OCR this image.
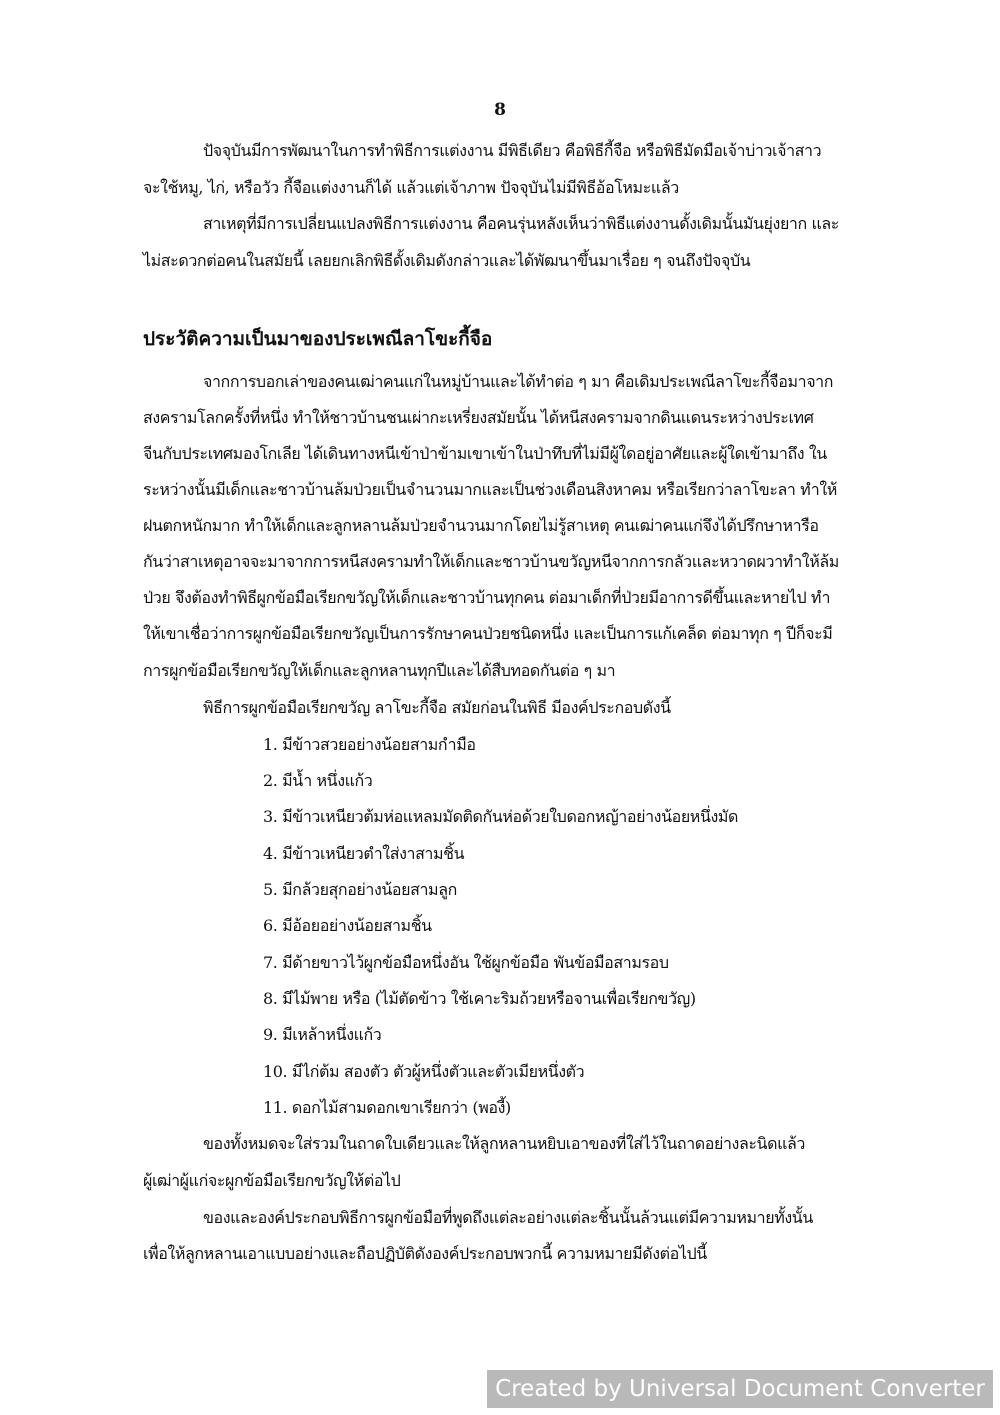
8
ปัจจุบันมีการพัฒนาในการทำพิธีการแต่งงาน มีพิธีเดียว คือพิธีกี้จือ หรือพิธีมัดมือเจ้าบ่าวเจ้าสาว
จะใช้หมู, ไก่, หรือวัว กี้จือแต่งงานก็ได้ แล้วแต่เจ้าภาพ ปัจจุบันไม่มีพิธีอ้อโหมะแล้ว
สาเหตุที่มีการเปลี่ยนแปลงพิธีการแต่งงาน คือคนรุ่นหลังเห็นว่าพิธีแต่งงานดั้งเดิมนั้นมันยุ่งยาก และ
ไม่สะดวกต่อคนในสมัยนี้ เลยยกเลิกพิธีดั้งเดิมดังกล่าวและได้พัฒนาขึ้นมาเรื่อย ๆ จนถึงปัจจุบัน
ประวัติความเป็นมาของประเพณีลาโขะกี้จือ
จากการบอกเล่าของคนเฒ่าคนแก่ในหมู่บ้านและได้ทำต่อ ๆ มา คือเดิมประเพณีลาโขะกี้จือมาจาก
สงครามโลกครั้งที่หนึ่ง ทำให้ชาวบ้านชนเผ่ากะเหรี่ยงสมัยนั้น ได้หนีสงครามจากดินแดนระหว่างประเทศ
จีนกับประเทศมองโกเลีย ได้เดินทางหนีเข้าป่าข้ามเขาเข้าในป่าทึบที่ไม่มีผู้ใดอยู่อาศัยและผู้ใดเข้ามาถึง ใน
ระหว่างนั้นมีเด็กและชาวบ้านล้มป่วยเป็นจำนวนมากและเป็นช่วงเดือนสิงหาคม หรือเรียกว่าลาโขะลา ทำให้
ฝนตกหนักมาก ทำให้เด็กและลูกหลานล้มป่วยจำนวนมากโดยไม่รู้สาเหตุ คนเฒ่าคนแก่จึงได้ปรึกษาหารือ
กันว่าสาเหตุอาจจะมาจากการหนีสงครามทำให้เด็กและชาวบ้านขวัญหนีจากการกลัวและหวาดผวาทำให้ล้ม
ป่วย จึงต้องทำพิธีผูกข้อมือเรียกขวัญให้เด็กและชาวบ้านทุกคน ต่อมาเด็กที่ป่วยมีอาการดีขึ้นและหายไป ทำ
ให้เขาเชื่อว่าการผูกข้อมือเรียกขวัญเป็นการรักษาคนป่วยชนิดหนึ่ง และเป็นการแก้เคล็ด ต่อมาทุก ๆ ปีก็จะมี
การผูกข้อมือเรียกขวัญให้เด็กและลูกหลานทุกปีและได้สืบทอดกันต่อ ๆ มา
พิธีการผูกข้อมือเรียกขวัญ ลาโขะกี้จือ สมัยก่อนในพิธี มีองค์ประกอบดังนี้
1. มีข้าวสวยอย่างน้อยสามกำมือ
2. มีน้ำ หนึ่งแก้ว
3. มีข้าวเหนียวต้มห่อแหลมมัดติดกันห่อด้วยใบดอกหญ้าอย่างน้อยหนึ่งมัด
4. มีข้าวเหนียวตำใส่งาสามชิ้น
5. มีกล้วยสุกอย่างน้อยสามลูก
6. มีอ้อยอย่างน้อยสามชิ้น
7. มีด้ายขาวไว้ผูกข้อมือหนึ่งอัน ใช้ผูกข้อมือ พันข้อมือสามรอบ
8. มีไม้พาย หรือ (ไม้ตัดข้าว ใช้เคาะริมถ้วยหรือจานเพื่อเรียกขวัญ)
9. มีเหล้าหนึ่งแก้ว
10. มีไก่ต้ม สองตัว ตัวผู้หนึ่งตัวและตัวเมียหนึ่งตัว
11. ดอกไม้สามดอกเขาเรียกว่า (พองี้)
ของทั้งหมดจะใส่รวมในถาดใบเดียวและให้ลูกหลานหยิบเอาของที่ใส่ไว้ในถาดอย่างละนิดแล้ว
ผู้เฒ่าผู้แก่จะผูกข้อมือเรียกขวัญให้ต่อไป
ของและองค์ประกอบพิธีการผูกข้อมือที่พูดถึงแต่ละอย่างแต่ละชิ้นนั้นล้วนแต่มีความหมายทั้งนั้น
เพื่อให้ลูกหลานเอาแบบอย่างและถือปฏิบัติดังองค์ประกอบพวกนี้ ความหมายมีดังต่อไปนี้
Created by Universal Document Converter
